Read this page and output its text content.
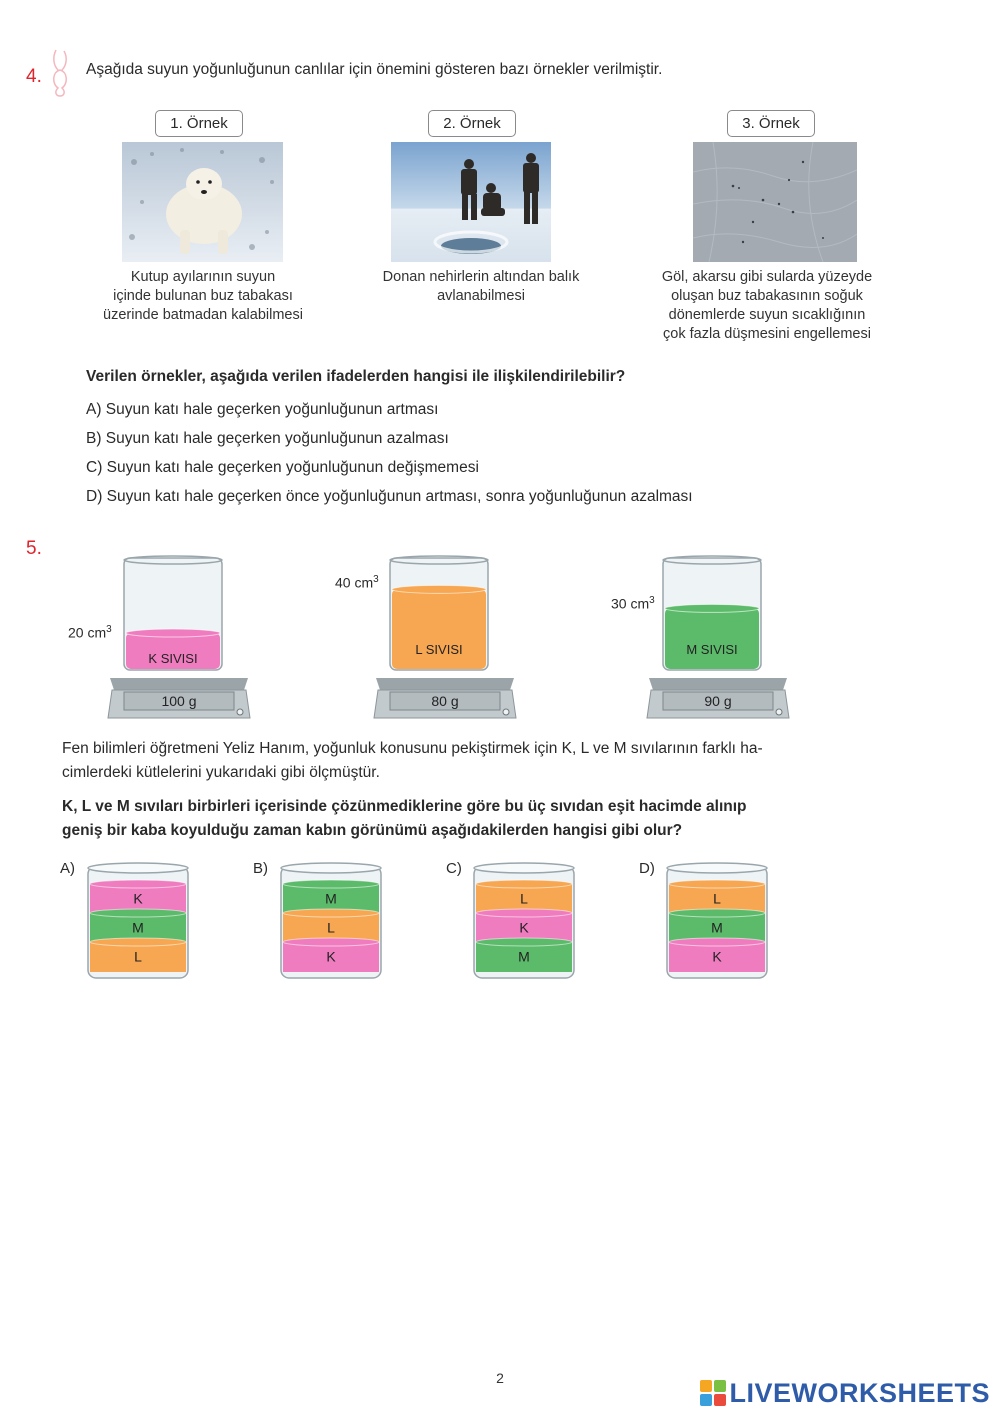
4.	Aşağıda suyun yoğunluğunun canlılar için önemini gösteren bazı örnekler verilmiştir.
1. Örnek
Kutup ayılarının suyun
içinde bulunan buz tabakası
üzerinde batmadan kalabilmesi
2. Örnek
Donan nehirlerin altından balık
avlanabilmesi
3. Örnek
Göl, akarsu gibi sularda yüzeyde
oluşan buz tabakasının soğuk
dönemlerde suyun sıcaklığının
çok fazla düşmesini engellemesi
Verilen örnekler, aşağıda verilen ifadelerden hangisi ile ilişkilendirilebilir?
A) Suyun katı hale geçerken yoğunluğunun artması
B) Suyun katı hale geçerken yoğunluğunun azalması
C) Suyun katı hale geçerken yoğunluğunun değişmemesi
D) Suyun katı hale geçerken önce yoğunluğunun artması, sonra yoğunluğunun azalması
5.
100 g
K SIVISI
80 g
L SIVISI
90 g
M SIVISI
20 $cm^3$
40 $cm^3$
30 $cm^3$
Fen bilimleri öğretmeni Yeliz Hanım, yoğunluk konusunu pekiştirmek için K, L ve M sıvılarının farklı ha-
cimlerdeki kütlelerini yukarıdaki gibi ölçmüştür.
K, L ve M sıvıları birbirleri içerisinde çözünmediklerine göre bu üç sıvıdan eşit hacimde alınıp
geniş bir kaba koyulduğu zaman kabın görünümü aşağıdakilerden hangisi gibi olur?
A)
K
M
L
B)
M
L
K
C)
L
K
M
D)
L
M
K
2	LIVEWORKSHEETS
